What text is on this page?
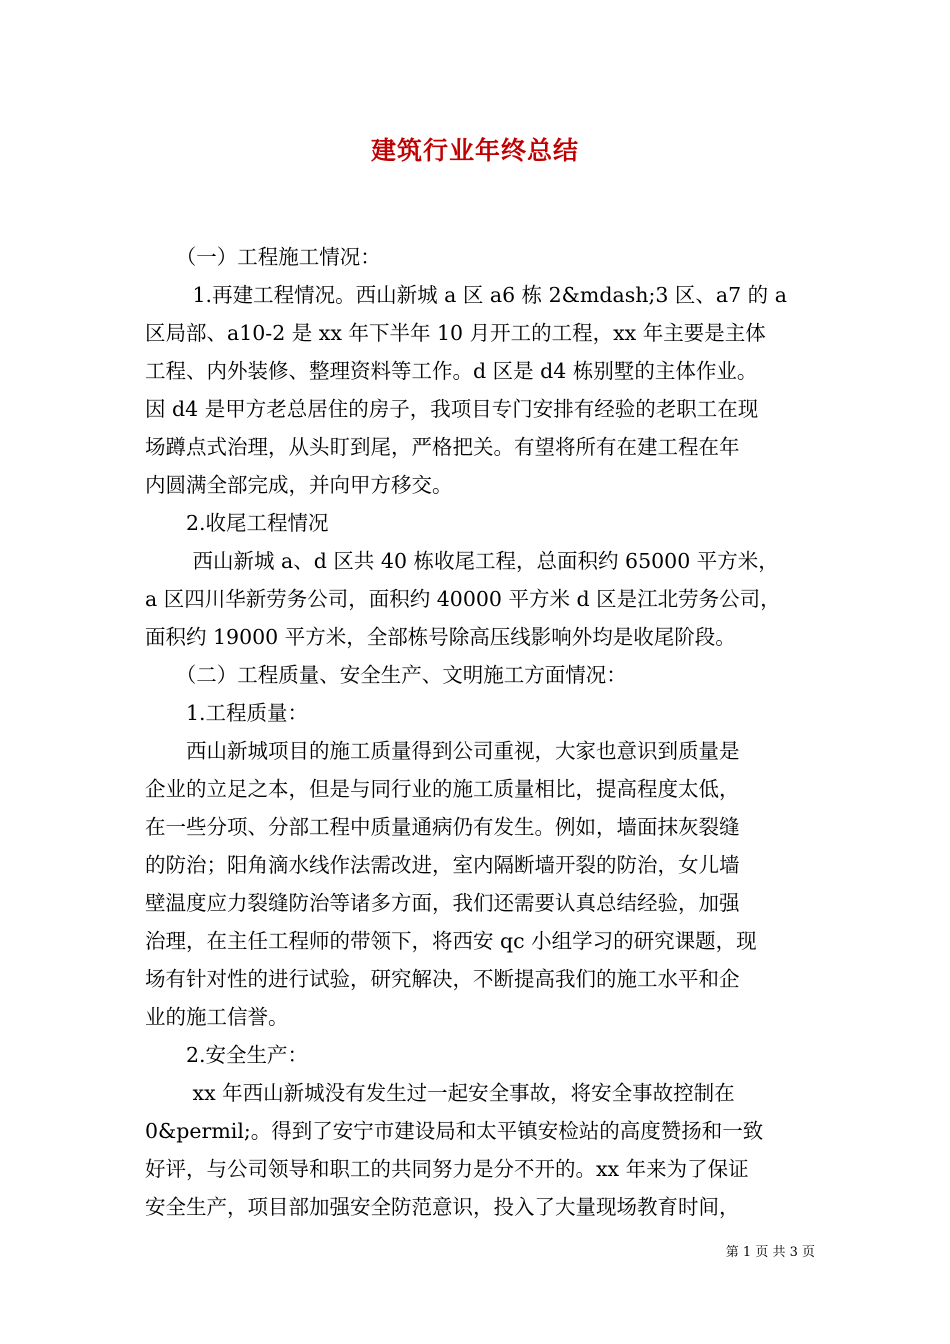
建筑行业年终总结
　　（一）工程施工情况：
　　 1.再建工程情况。西山新城 a 区 a6 栋 2&mdash;3 区、a7 的 a
区局部、a10-2 是 xx 年下半年 10 月开工的工程，xx 年主要是主体
工程、内外装修、整理资料等工作。d 区是 d4 栋别墅的主体作业。
因 d4 是甲方老总居住的房子，我项目专门安排有经验的老职工在现
场蹲点式治理，从头盯到尾，严格把关。有望将所有在建工程在年
内圆满全部完成，并向甲方移交。
　　2.收尾工程情况
　　 西山新城 a、d 区共 40 栋收尾工程，总面积约 65000 平方米，
a 区四川华新劳务公司，面积约 40000 平方米 d 区是江北劳务公司，
面积约 19000 平方米，全部栋号除高压线影响外均是收尾阶段。
　　（二）工程质量、安全生产、文明施工方面情况：
　　1.工程质量：
　　西山新城项目的施工质量得到公司重视，大家也意识到质量是
企业的立足之本，但是与同行业的施工质量相比，提高程度太低，
在一些分项、分部工程中质量通病仍有发生。例如，墙面抹灰裂缝
的防治；阳角滴水线作法需改进，室内隔断墙开裂的防治，女儿墙
壁温度应力裂缝防治等诸多方面，我们还需要认真总结经验，加强
治理，在主任工程师的带领下，将西安 qc 小组学习的研究课题，现
场有针对性的进行试验，研究解决，不断提高我们的施工水平和企
业的施工信誉。
　　2.安全生产：
　　 xx 年西山新城没有发生过一起安全事故，将安全事故控制在
0&permil;。得到了安宁市建设局和太平镇安检站的高度赞扬和一致
好评，与公司领导和职工的共同努力是分不开的。xx 年来为了保证
安全生产，项目部加强安全防范意识，投入了大量现场教育时间，
第 1 页 共 3 页
